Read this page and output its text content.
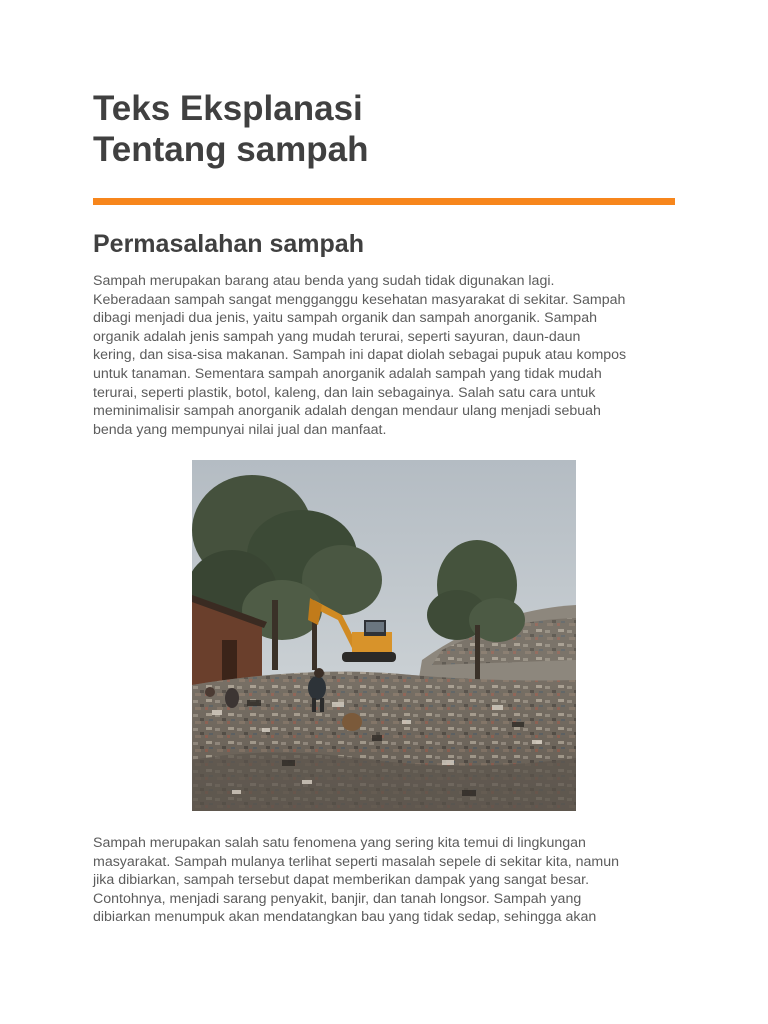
Teks Eksplanasi
Tentang sampah
Permasalahan sampah

Sampah merupakan barang atau benda yang sudah tidak digunakan lagi.
Keberadaan sampah sangat mengganggu kesehatan masyarakat di sekitar. Sampah
dibagi menjadi dua jenis, yaitu sampah organik dan sampah anorganik. Sampah
organik adalah jenis sampah yang mudah terurai, seperti sayuran, daun-daun
kering, dan sisa-sisa makanan. Sampah ini dapat diolah sebagai pupuk atau kompos
untuk tanaman. Sementara sampah anorganik adalah sampah yang tidak mudah
terurai, seperti plastik, botol, kaleng, dan lain sebagainya. Salah satu cara untuk
meminimalisir sampah anorganik adalah dengan mendaur ulang menjadi sebuah
benda yang mempunyai nilai jual dan manfaat.

Sampah merupakan salah satu fenomena yang sering kita temui di lingkungan
masyarakat. Sampah mulanya terlihat seperti masalah sepele di sekitar kita, namun
jika dibiarkan, sampah tersebut dapat memberikan dampak yang sangat besar.
Contohnya, menjadi sarang penyakit, banjir, dan tanah longsor. Sampah yang
dibiarkan menumpuk akan mendatangkan bau yang tidak sedap, sehingga akan
